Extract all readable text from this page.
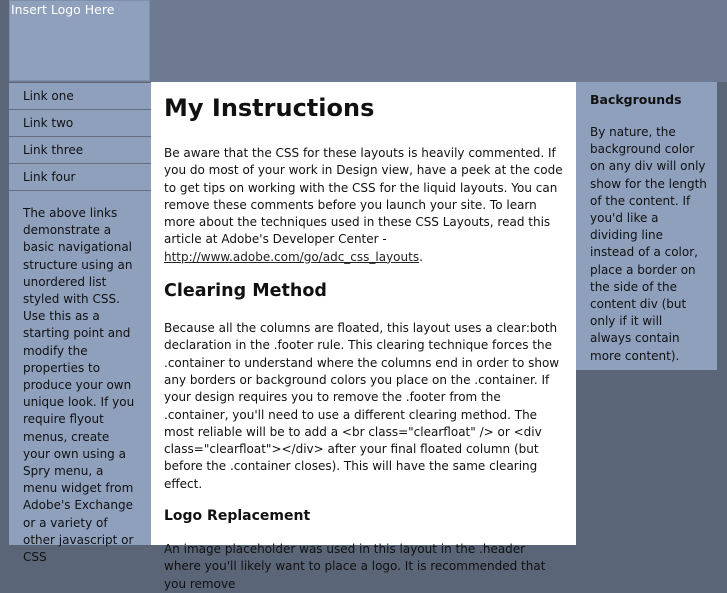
Insert Logo Here
Link one
Link two
Link three
Link four
The above links demonstrate a basic navigational structure using an unordered list styled with CSS. Use this as a starting point and modify the properties to produce your own unique look. If you require flyout menus, create your own using a Spry menu, a menu widget from Adobe's Exchange or a variety of other javascript or CSS
My Instructions

Be aware that the CSS for these layouts is heavily commented. If you do most of your work in Design view, have a peek at the code to get tips on working with the CSS for the liquid layouts. You can remove these comments before you launch your site. To learn more about the techniques used in these CSS Layouts, read this article at Adobe's Developer Center - http://www.adobe.com/go/adc_css_layouts.

Clearing Method

Because all the columns are floated, this layout uses a clear:both declaration in the .footer rule. This clearing technique forces the .container to understand where the columns end in order to show any borders or background colors you place on the .container. If your design requires you to remove the .footer from the .container, you'll need to use a different clearing method. The most reliable will be to add a <br class="clearfloat" /> or <div class="clearfloat"></div> after your final floated column (but before the .container closes). This will have the same clearing effect.

Logo Replacement

An image placeholder was used in this layout in the .header where you'll likely want to place a logo. It is recommended that you remove

Backgrounds

By nature, the background color on any div will only show for the length of the content. If you'd like a dividing line instead of a color, place a border on the side of the content div (but only if it will always contain more content).
